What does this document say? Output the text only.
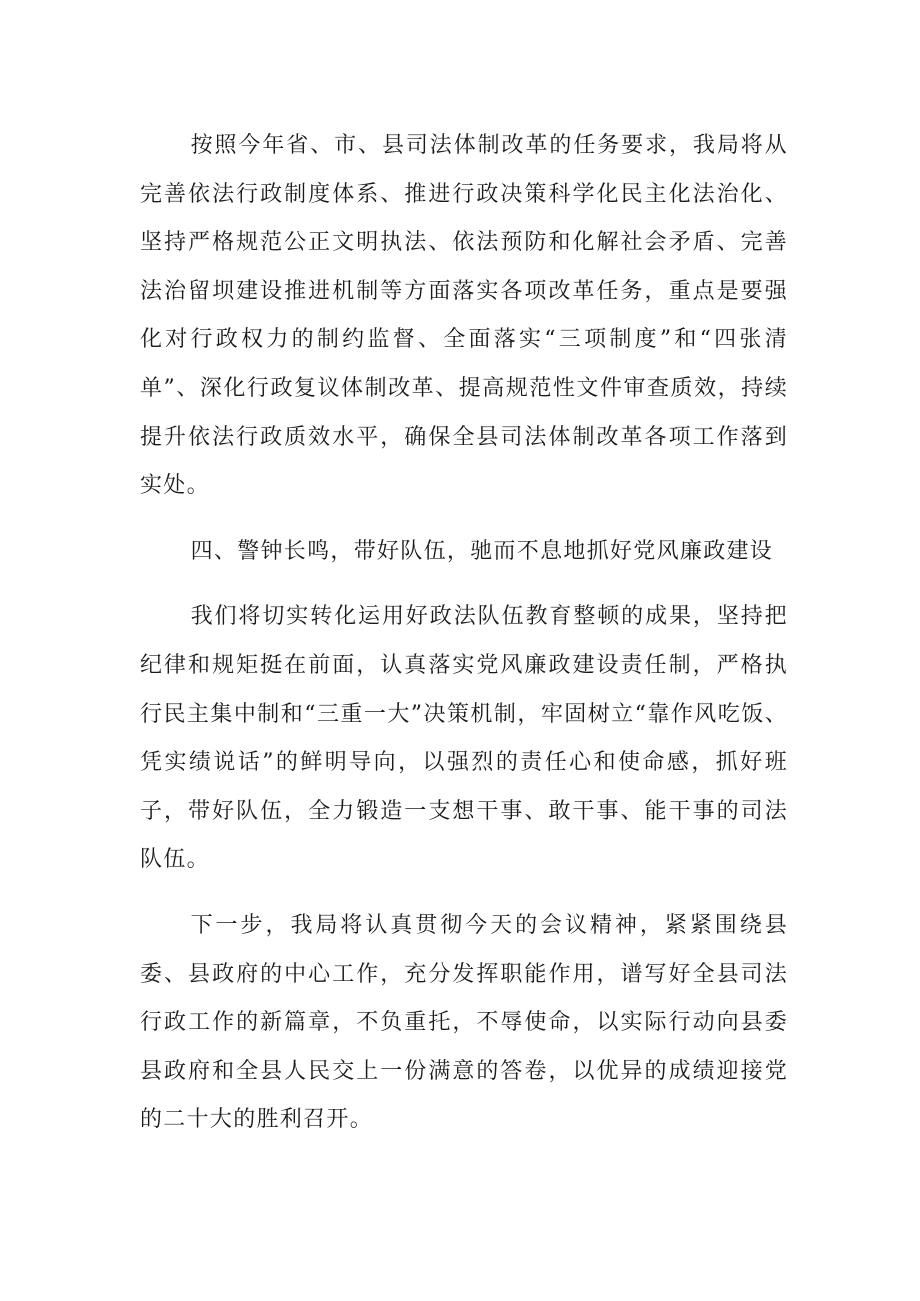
按照今年省、市、县司法体制改革的任务要求，我局将从完善依法行政制度体系、推进行政决策科学化民主化法治化、坚持严格规范公正文明执法、依法预防和化解社会矛盾、完善法治留坝建设推进机制等方面落实各项改革任务，重点是要强化对行政权力的制约监督、全面落实“三项制度”和“四张清单”、深化行政复议体制改革、提高规范性文件审查质效，持续提升依法行政质效水平，确保全县司法体制改革各项工作落到实处。

四、警钟长鸣，带好队伍，驰而不息地抓好党风廉政建设

我们将切实转化运用好政法队伍教育整顿的成果，坚持把纪律和规矩挺在前面，认真落实党风廉政建设责任制，严格执行民主集中制和“三重一大”决策机制，牢固树立“靠作风吃饭、凭实绩说话”的鲜明导向，以强烈的责任心和使命感，抓好班子，带好队伍，全力锻造一支想干事、敢干事、能干事的司法队伍。

下一步，我局将认真贯彻今天的会议精神，紧紧围绕县委、县政府的中心工作，充分发挥职能作用，谱写好全县司法行政工作的新篇章，不负重托，不辱使命，以实际行动向县委县政府和全县人民交上一份满意的答卷，以优异的成绩迎接党的二十大的胜利召开。
